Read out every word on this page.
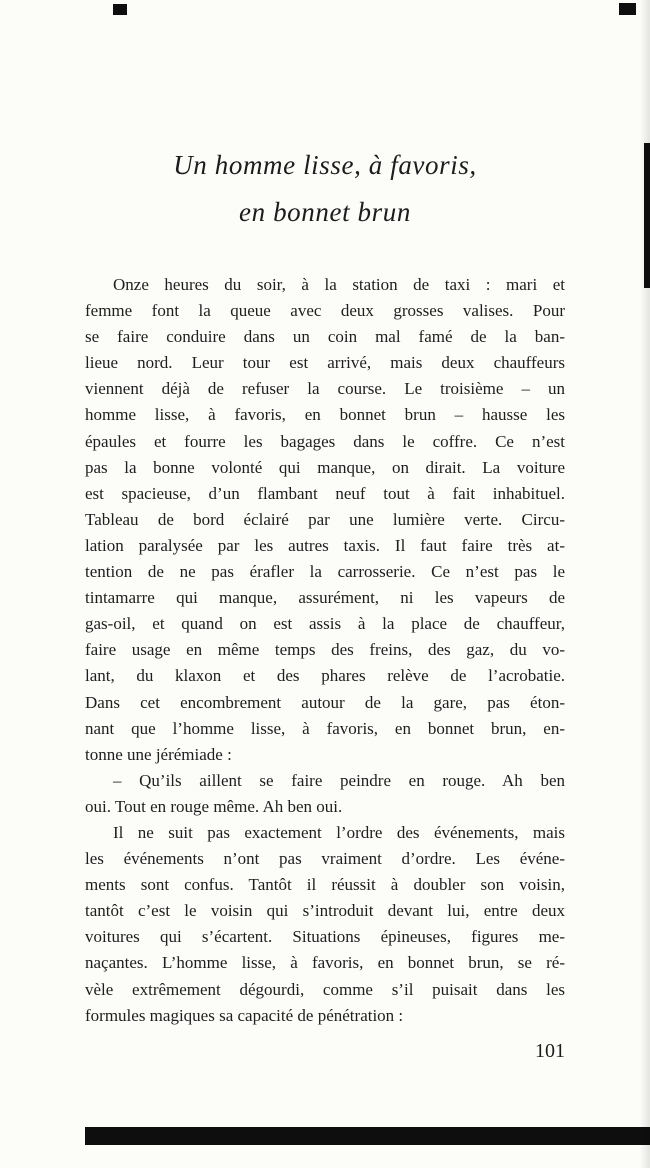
Un homme lisse, à favoris,
en bonnet brun
Onze heures du soir, à la station de taxi : mari et
femme font la queue avec deux grosses valises. Pour
se faire conduire dans un coin mal famé de la ban-
lieue nord. Leur tour est arrivé, mais deux chauffeurs
viennent déjà de refuser la course. Le troisième – un
homme lisse, à favoris, en bonnet brun – hausse les
épaules et fourre les bagages dans le coffre. Ce n’est
pas la bonne volonté qui manque, on dirait. La voiture
est spacieuse, d’un flambant neuf tout à fait inhabituel.
Tableau de bord éclairé par une lumière verte. Circu-
lation paralysée par les autres taxis. Il faut faire très at-
tention de ne pas érafler la carrosserie. Ce n’est pas le
tintamarre qui manque, assurément, ni les vapeurs de
gas-oil, et quand on est assis à la place de chauffeur,
faire usage en même temps des freins, des gaz, du vo-
lant, du klaxon et des phares relève de l’acrobatie.
Dans cet encombrement autour de la gare, pas éton-
nant que l’homme lisse, à favoris, en bonnet brun, en-
tonne une jérémiade :
– Qu’ils aillent se faire peindre en rouge. Ah ben
oui. Tout en rouge même. Ah ben oui.
Il ne suit pas exactement l’ordre des événements, mais
les événements n’ont pas vraiment d’ordre. Les événe-
ments sont confus. Tantôt il réussit à doubler son voisin,
tantôt c’est le voisin qui s’introduit devant lui, entre deux
voitures qui s’écartent. Situations épineuses, figures me-
naçantes. L’homme lisse, à favoris, en bonnet brun, se ré-
vèle extrêmement dégourdi, comme s’il puisait dans les
formules magiques sa capacité de pénétration :
101
